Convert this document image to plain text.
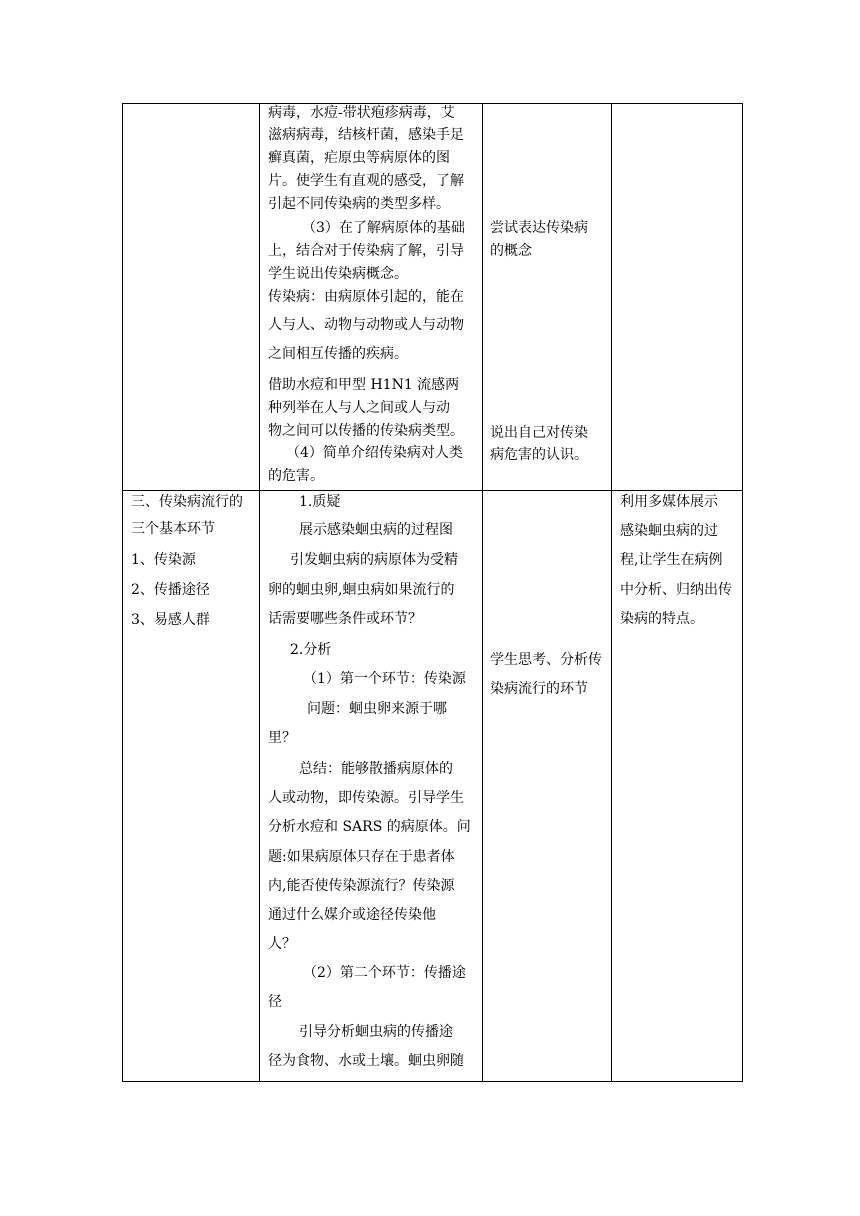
病毒，水痘-带状疱疹病毒，艾
滋病病毒，结核杆菌，感染手足
癣真菌，疟原虫等病原体的图
片。使学生有直观的感受，了解
引起不同传染病的类型多样。
（3）在了解病原体的基础
上，结合对于传染病了解，引导
学生说出传染病概念。
传染病：由病原体引起的，能在
人与人、动物与动物或人与动物
之间相互传播的疾病。
借助水痘和甲型 H1N1 流感两
种列举在人与人之间或人与动
物之间可以传播的传染病类型。
（4）简单介绍传染病对人类
的危害。
尝试表达传染病
的概念
说出自己对传染
病危害的认识。
三、传染病流行的
三个基本环节
1、传染源
2、传播途径
3、易感人群
1.质疑
展示感染蛔虫病的过程图
引发蛔虫病的病原体为受精
卵的蛔虫卵,蛔虫病如果流行的
话需要哪些条件或环节？
2.分析
（1）第一个环节：传染源
问题：蛔虫卵来源于哪
里？
总结：能够散播病原体的
人或动物，即传染源。引导学生
分析水痘和 SARS 的病原体。问
题:如果病原体只存在于患者体
内,能否使传染源流行？传染源
通过什么媒介或途径传染他
人？
（2）第二个环节：传播途
径
引导分析蛔虫病的传播途
径为食物、水或土壤。蛔虫卵随
学生思考、分析传
染病流行的环节
利用多媒体展示
感染蛔虫病的过
程,让学生在病例
中分析、归纳出传
染病的特点。
